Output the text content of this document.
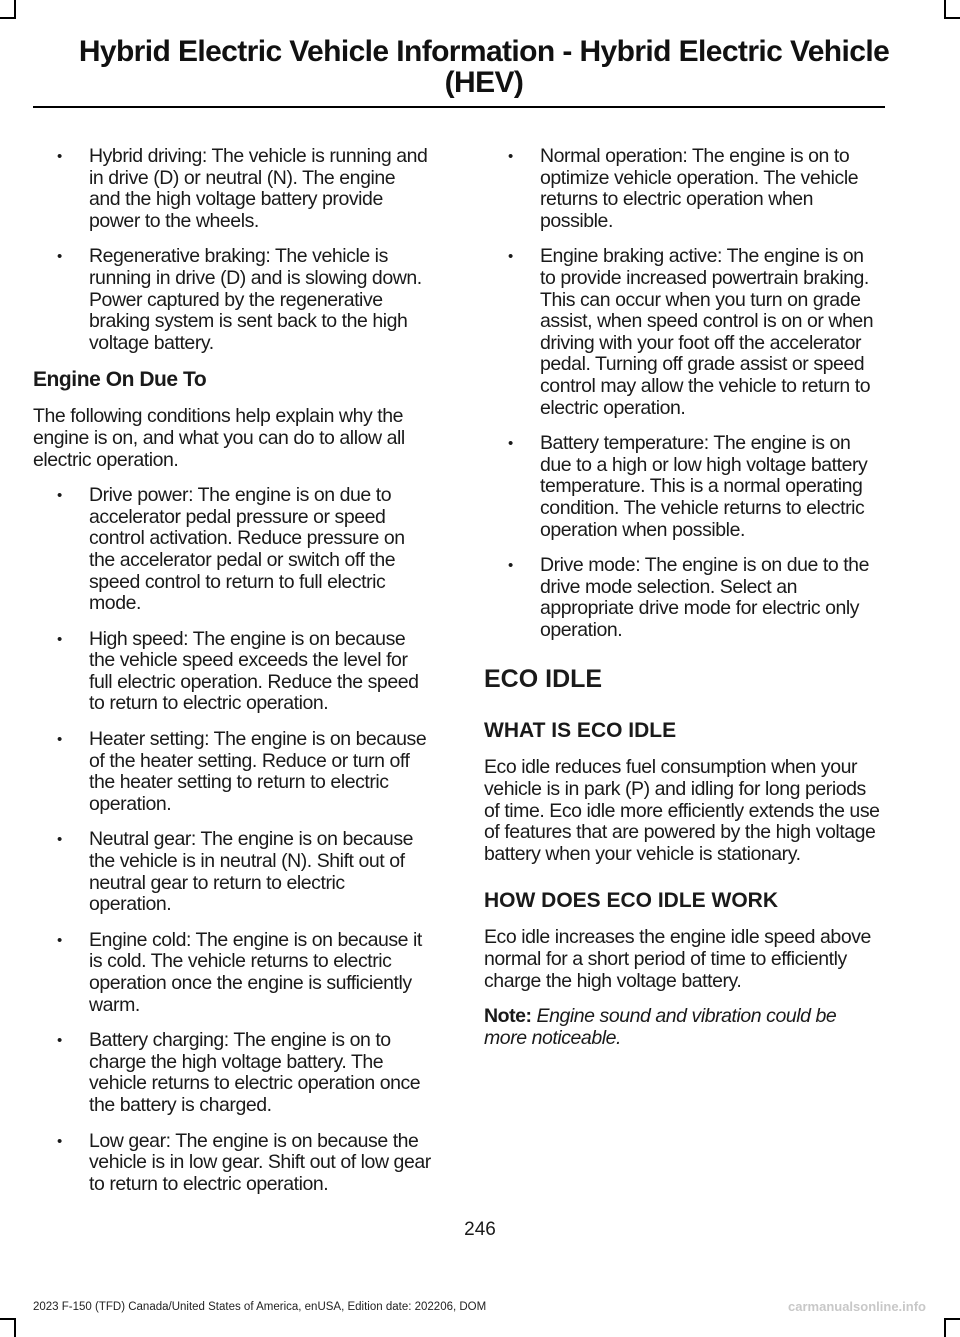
Hybrid Electric Vehicle Information - Hybrid Electric Vehicle (HEV)
• Hybrid driving: The vehicle is running and in drive (D) or neutral (N). The engine and the high voltage battery provide power to the wheels.
• Regenerative braking: The vehicle is running in drive (D) and is slowing down. Power captured by the regenerative braking system is sent back to the high voltage battery.
Engine On Due To

The following conditions help explain why the engine is on, and what you can do to allow all electric operation.

• Drive power: The engine is on due to accelerator pedal pressure or speed control activation. Reduce pressure on the accelerator pedal or switch off the speed control to return to full electric mode.
• High speed: The engine is on because the vehicle speed exceeds the level for full electric operation. Reduce the speed to return to electric operation.
• Heater setting: The engine is on because of the heater setting. Reduce or turn off the heater setting to return to electric operation.
• Neutral gear: The engine is on because the vehicle is in neutral (N). Shift out of neutral gear to return to electric operation.
• Engine cold: The engine is on because it is cold. The vehicle returns to electric operation once the engine is sufficiently warm.
• Battery charging: The engine is on to charge the high voltage battery. The vehicle returns to electric operation once the battery is charged.
• Low gear: The engine is on because the vehicle is in low gear. Shift out of low gear to return to electric operation.
• Normal operation: The engine is on to optimize vehicle operation. The vehicle returns to electric operation when possible.
• Engine braking active: The engine is on to provide increased powertrain braking. This can occur when you turn on grade assist, when speed control is on or when driving with your foot off the accelerator pedal. Turning off grade assist or speed control may allow the vehicle to return to electric operation.
• Battery temperature: The engine is on due to a high or low high voltage battery temperature. This is a normal operating condition. The vehicle returns to electric operation when possible.
• Drive mode: The engine is on due to the drive mode selection. Select an appropriate drive mode for electric only operation.
ECO IDLE
WHAT IS ECO IDLE

Eco idle reduces fuel consumption when your vehicle is in park (P) and idling for long periods of time. Eco idle more efficiently extends the use of features that are powered by the high voltage battery when your vehicle is stationary.

HOW DOES ECO IDLE WORK

Eco idle increases the engine idle speed above normal for a short period of time to efficiently charge the high voltage battery.

Note: Engine sound and vibration could be more noticeable.

246
2023 F-150 (TFD) Canada/United States of America, enUSA, Edition date: 202206, DOM	carmanualsonline.info
